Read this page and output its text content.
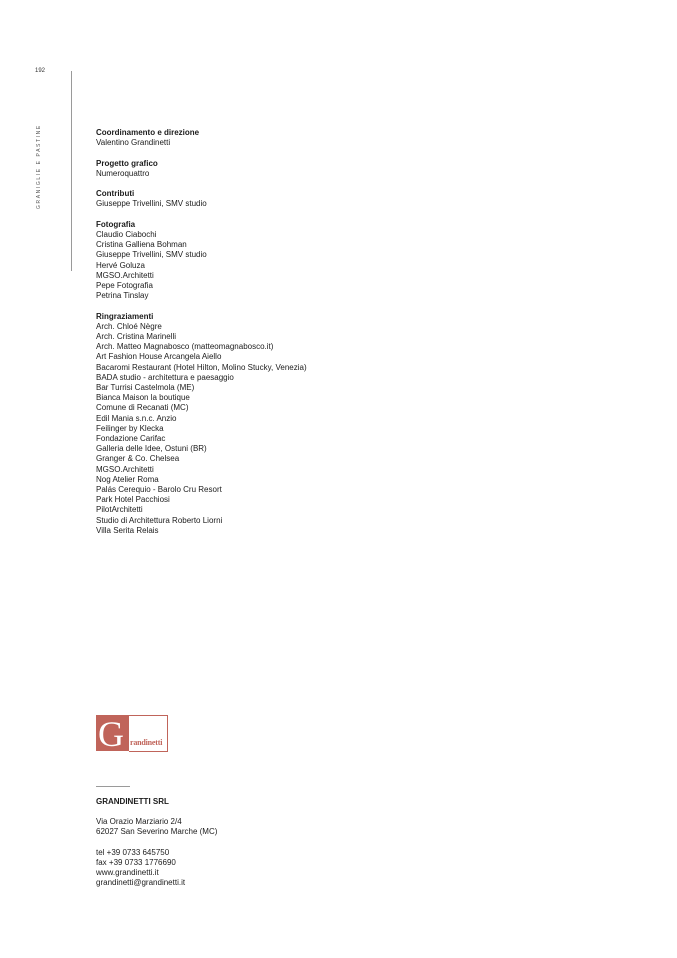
192
GRANIGLIE E PASTINE	Coordinamento e direzione
Valentino Grandinetti
Progetto grafico
Numeroquattro
Contributi
Giuseppe Trivellini, SMV studio
Fotografia
Claudio Ciabochi
Cristina Galliena Bohman
Giuseppe Trivellini, SMV studio
Hervé Goluza
MGSO.Architetti
Pepe Fotografia
Petrina Tinslay
Ringraziamenti
Arch. Chloé Nègre
Arch. Cristina Marinelli
Arch. Matteo Magnabosco (matteomagnabosco.it)
Art Fashion House Arcangela Aiello
Bacaromi Restaurant (Hotel Hilton, Molino Stucky, Venezia)
BADA studio - architettura e paesaggio
Bar Turrisi Castelmola (ME)
Bianca Maison la boutique
Comune di Recanati (MC)
Edil Mania s.n.c. Anzio
Feilinger by Klecka
Fondazione Carifac
Galleria delle Idee, Ostuni (BR)
Granger & Co. Chelsea
MGSO.Architetti
Nog Atelier Roma
Palás Cerequio - Barolo Cru Resort
Park Hotel Pacchiosi
PilotArchitetti
Studio di Architettura Roberto Liorni
Villa Serita Relais
G randinetti
GRANDINETTI SRL
Via Orazio Marziario 2/4
62027 San Severino Marche (MC)
tel +39 0733 645750
fax +39 0733 1776690
www.grandinetti.it
grandinetti@grandinetti.it
